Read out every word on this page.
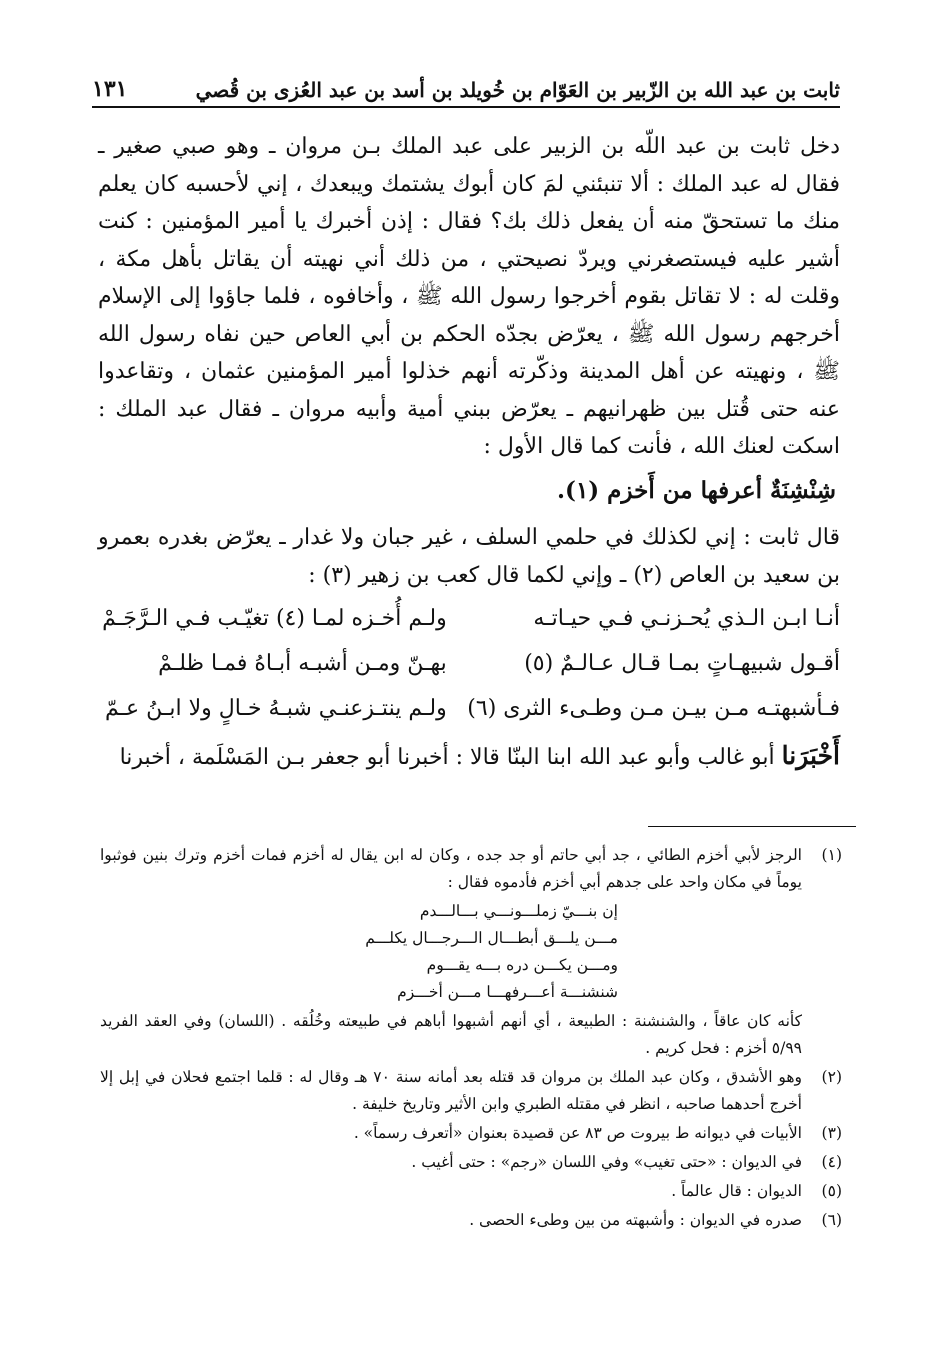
ثابت بن عبد الله بن الزّبير بن العَوّام بن خُويلد بن أسد بن عبد العُزى بن قُصي
١٣١

دخل ثابت بن عبد اللّه بن الزبير على عبد الملك بـن مروان ـ وهو صبي صغير ـ فقال له عبد الملك : ألا تنبئني لمَ كان أبوك يشتمك ويبعدك ، إني لأحسبه كان يعلم منك ما تستحقّ منه أن يفعل ذلك بك؟ فقال : إذن أخبرك يا أمير المؤمنين : كنت أشير عليه فيستصغرني ويردّ نصيحتي ، من ذلك أني نهيته أن يقاتل بأهل مكة ، وقلت له : لا تقاتل بقوم أخرجوا رسول الله ﷺ ، وأخافوه ، فلما جاؤوا إلى الإسلام أخرجهم رسول الله ﷺ ، يعرّض بجدّه الحكم بن أبي العاص حين نفاه رسول الله ﷺ ، ونهيته عن أهل المدينة وذكّرته أنهم خذلوا أمير المؤمنين عثمان ، وتقاعدوا عنه حتى قُتل بين ظهرانيهم ـ يعرّض ببني أمية وأبيه مروان ـ فقال عبد الملك : اسكت لعنك الله ، فأنت كما قال الأول :

شِنْشِنَةٌ أعرفها من أَخزم (١).

قال ثابت : إني لكذلك في حلمي السلف ، غير جبان ولا غدار ـ يعرّض بغدره بعمرو بن سعيد بن العاص (٢) ـ وإني لكما قال كعب بن زهير (٣) :

أنـا ابـن الـذي يُحـزنـي فـي حيـاتـه
ولـم أُخـزه لمـا (٤) تغيّـب فـي الـرَّجَـمْ
أقـول شبيهـاتٍ بمـا قـال عـالـمٌ (٥)
بهـنّ ومـن أشبـه أبـاهُ فمـا ظلـمْ
فـأشبهتـه مـن بيـن مـن وطـىء الثرى (٦)
ولـم ينتـزعنـي شبـهُ خـالٍ ولا ابـنُ عـمّ

أَخْبَرَنا أبو غالب وأبو عبد الله ابنا البنّا قالا : أخبرنا أبو جعفر بـن المَسْلَمة ، أخبرنا

(١)
الرجز لأبي أخزم الطائي ، جد أبي حاتم أو جد جده ، وكان له ابن يقال له أخزم فمات أخزم وترك بنين فوثبوا يوماً في مكان واحد على جدهم أبي أخزم فأدموه فقال :
إن بنـــيّ زملـــونـــي بـــالـــدم
مـــن يلـــق أبطـــال الـــرجـــال يكلـــم
ومـــن يكـــن دره بـــه يقـــوم
شنشنـــة أعـــرفهـــا مـــن أخـــزم
كأنه كان عاقاً ، والشنشنة : الطبيعة ، أي أنهم أشبهوا أباهم في طبيعته وخُلُقه . (اللسان) وفي العقد الفريد ٥/٩٩ أخزم : فحل كريم .
(٢)
وهو الأشدق ، وكان عبد الملك بن مروان قد قتله بعد أمانه سنة ٧٠ هـ وقال له : قلما اجتمع فحلان في إبل إلا أخرج أحدهما صاحبه ، انظر في مقتله الطبري وابن الأثير وتاريخ خليفة .
(٣)
الأبيات في ديوانه ط بيروت ص ٨٣ عن قصيدة بعنوان «أتعرف رسماً» .
(٤)
في الديوان : «حتى تغيب» وفي اللسان «رجم» : حتى أغيب .
(٥)
الديوان : قال عالماً .
(٦)
صدره في الديوان : وأشبهته من بين وطىء الحصى .
